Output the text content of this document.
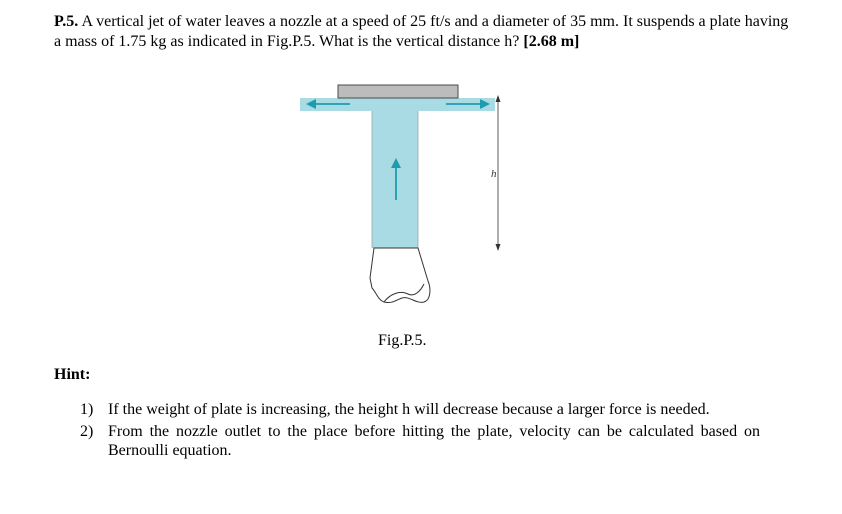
P.5. A vertical jet of water leaves a nozzle at a speed of 25 ft/s and a diameter of 35 mm. It suspends a plate having a mass of 1.75 kg as indicated in Fig.P.5. What is the vertical distance h? [2.68 m]
h
Fig.P.5.
Hint:
1) If the weight of plate is increasing, the height h will decrease because a larger force is needed.
2) From the nozzle outlet to the place before hitting the plate, velocity can be calculated based on Bernoulli equation.
